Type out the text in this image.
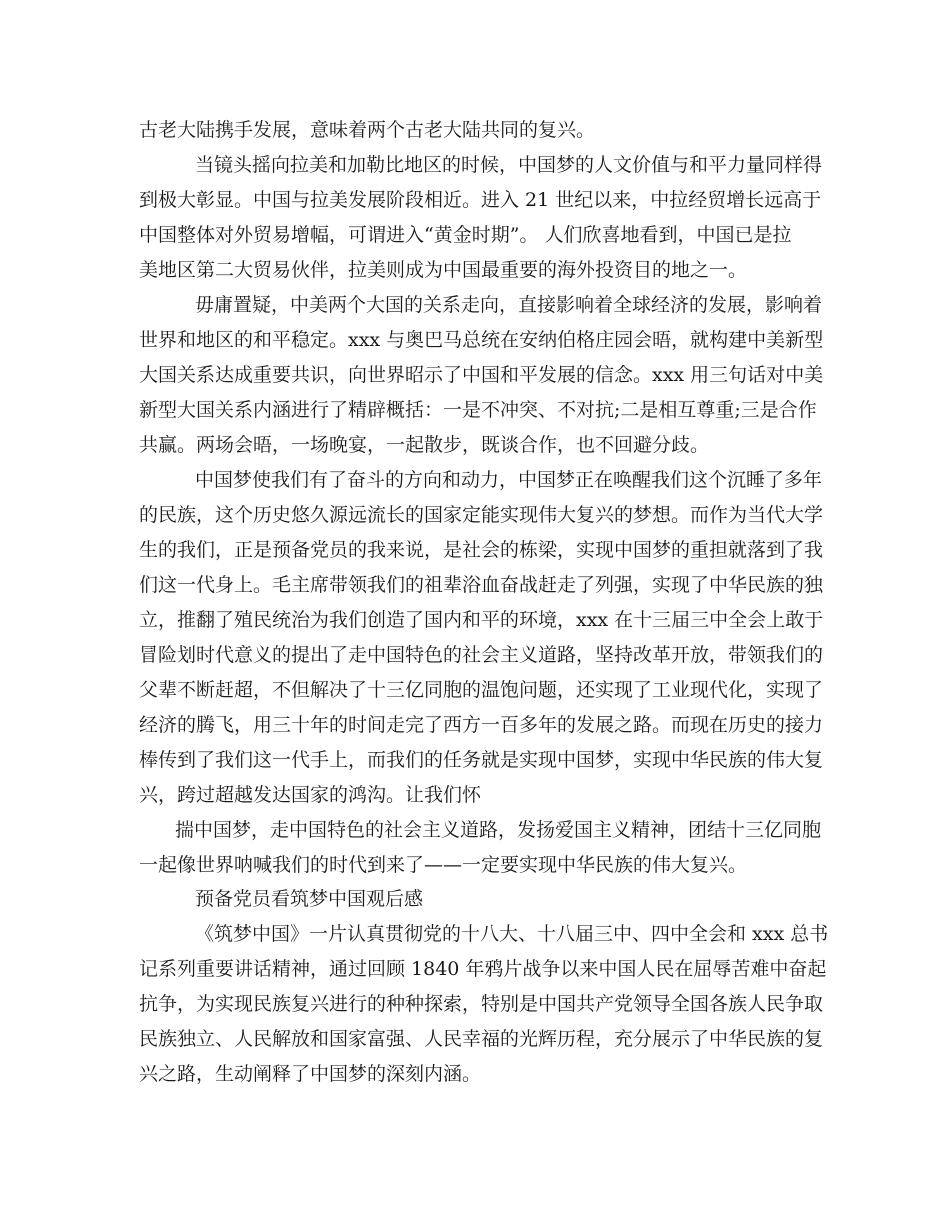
古老大陆携手发展，意味着两个古老大陆共同的复兴。
当镜头摇向拉美和加勒比地区的时候，中国梦的人文价值与和平力量同样得
到极大彰显。中国与拉美发展阶段相近。进入 21 世纪以来，中拉经贸增长远高于
中国整体对外贸易增幅，可谓进入“黄金时期”。 人们欣喜地看到，中国已是拉
美地区第二大贸易伙伴，拉美则成为中国最重要的海外投资目的地之一。
毋庸置疑，中美两个大国的关系走向，直接影响着全球经济的发展，影响着
世界和地区的和平稳定。xxx 与奥巴马总统在安纳伯格庄园会晤，就构建中美新型
大国关系达成重要共识，向世界昭示了中国和平发展的信念。xxx 用三句话对中美
新型大国关系内涵进行了精辟概括：一是不冲突、不对抗;二是相互尊重;三是合作
共赢。两场会晤，一场晚宴，一起散步，既谈合作，也不回避分歧。
中国梦使我们有了奋斗的方向和动力，中国梦正在唤醒我们这个沉睡了多年
的民族，这个历史悠久源远流长的国家定能实现伟大复兴的梦想。而作为当代大学
生的我们，正是预备党员的我来说，是社会的栋梁，实现中国梦的重担就落到了我
们这一代身上。毛主席带领我们的祖辈浴血奋战赶走了列强，实现了中华民族的独
立，推翻了殖民统治为我们创造了国内和平的环境，xxx 在十三届三中全会上敢于
冒险划时代意义的提出了走中国特色的社会主义道路，坚持改革开放，带领我们的
父辈不断赶超，不但解决了十三亿同胞的温饱问题，还实现了工业现代化，实现了
经济的腾飞，用三十年的时间走完了西方一百多年的发展之路。而现在历史的接力
棒传到了我们这一代手上，而我们的任务就是实现中国梦，实现中华民族的伟大复
兴，跨过超越发达国家的鸿沟。让我们怀
揣中国梦，走中国特色的社会主义道路，发扬爱国主义精神，团结十三亿同胞
一起像世界呐喊我们的时代到来了——一定要实现中华民族的伟大复兴。
预备党员看筑梦中国观后感
《筑梦中国》一片认真贯彻党的十八大、十八届三中、四中全会和 xxx 总书
记系列重要讲话精神，通过回顾 1840 年鸦片战争以来中国人民在屈辱苦难中奋起
抗争，为实现民族复兴进行的种种探索，特别是中国共产党领导全国各族人民争取
民族独立、人民解放和国家富强、人民幸福的光辉历程，充分展示了中华民族的复
兴之路，生动阐释了中国梦的深刻内涵。
